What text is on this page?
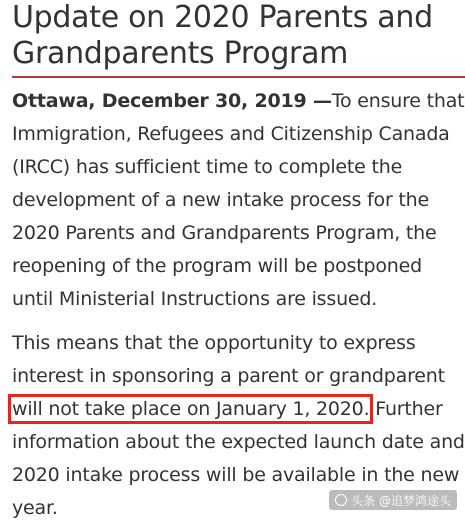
Update on 2020 Parents and Grandparents Program

Ottawa, December 30, 2019 —To ensure that Immigration, Refugees and Citizenship Canada (IRCC) has sufficient time to complete the development of a new intake process for the 2020 Parents and Grandparents Program, the reopening of the program will be postponed until Ministerial Instructions are issued.

This means that the opportunity to express interest in sponsoring a parent or grandparent will not take place on January 1, 2020. Further information about the expected launch date and 2020 intake process will be available in the new year.	头条 @追梦鸿途头
